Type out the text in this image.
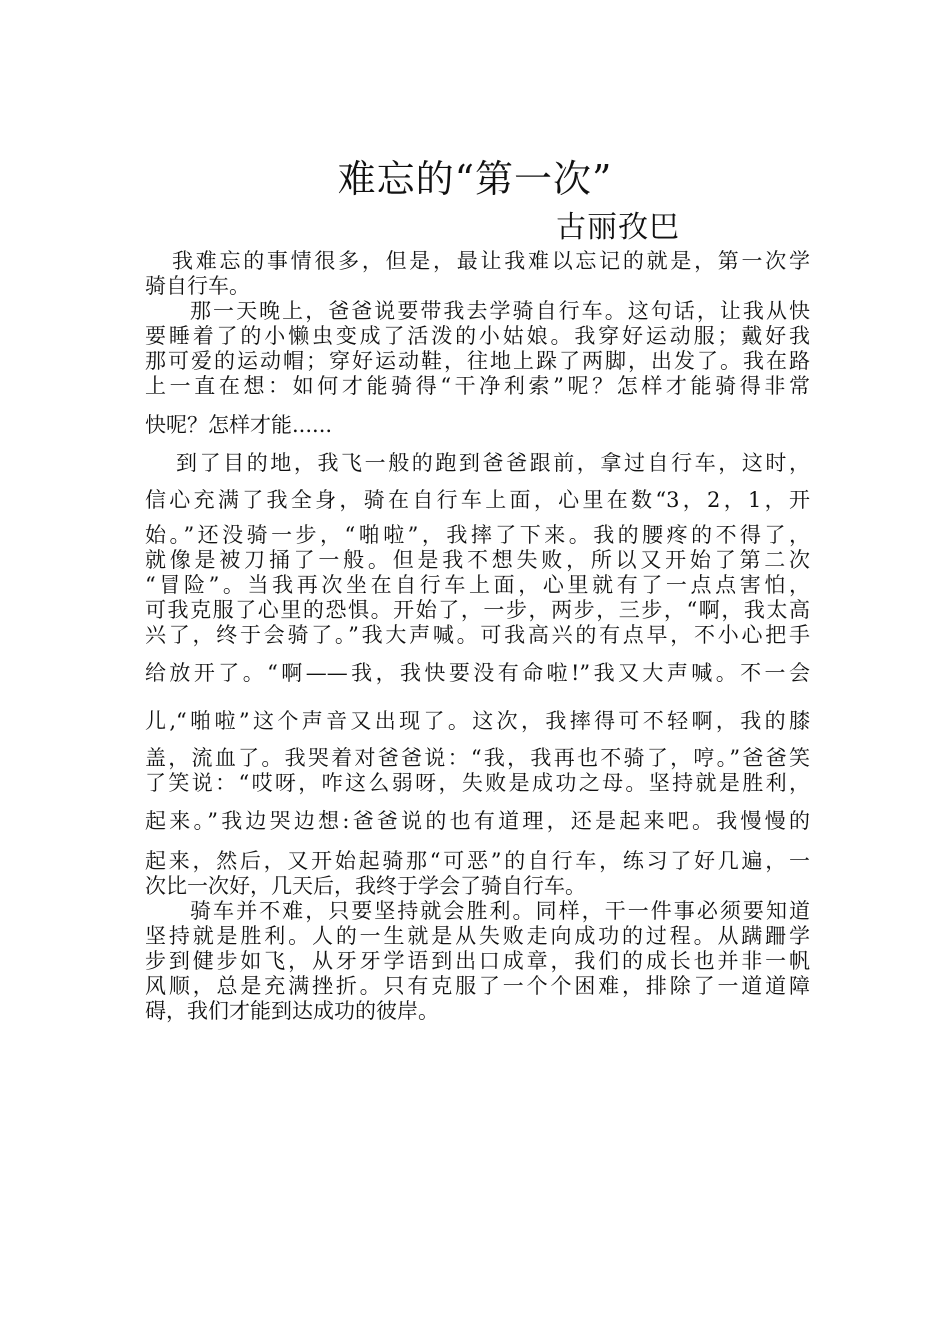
难忘的“第一次”
古丽孜巴
我难忘的事情很多，但是，最让我难以忘记的就是，第一次学
骑自行车。
那一天晚上，爸爸说要带我去学骑自行车。这句话，让我从快
要睡着了的小懒虫变成了活泼的小姑娘。我穿好运动服；戴好我
那可爱的运动帽；穿好运动鞋，往地上跺了两脚，出发了。我在路
上一直在想：如何才能骑得“干净利索”呢？怎样才能骑得非常
快呢？怎样才能......
到了目的地，我飞一般的跑到爸爸跟前，拿过自行车，这时，
信心充满了我全身，骑在自行车上面，心里在数“3，2，1，开
始。”还没骑一步，“啪啦”，我摔了下来。我的腰疼的不得了，
就像是被刀捅了一般。但是我不想失败，所以又开始了第二次
“冒险”。当我再次坐在自行车上面，心里就有了一点点害怕，
可我克服了心里的恐惧。开始了，一步，两步，三步，“啊，我太高
兴了，终于会骑了。”我大声喊。可我高兴的有点早，不小心把手
给放开了。“啊——我，我快要没有命啦!”我又大声喊。不一会
儿,“啪啦”这个声音又出现了。这次，我摔得可不轻啊，我的膝
盖，流血了。我哭着对爸爸说：“我，我再也不骑了，哼。”爸爸笑
了笑说：“哎呀，咋这么弱呀，失败是成功之母。坚持就是胜利，
起来。”我边哭边想:爸爸说的也有道理，还是起来吧。我慢慢的
起来，然后，又开始起骑那“可恶”的自行车，练习了好几遍，一
次比一次好，几天后，我终于学会了骑自行车。
骑车并不难，只要坚持就会胜利。同样，干一件事必须要知道
坚持就是胜利。人的一生就是从失败走向成功的过程。从蹒跚学
步到健步如飞，从牙牙学语到出口成章，我们的成长也并非一帆
风顺，总是充满挫折。只有克服了一个个困难，排除了一道道障
碍，我们才能到达成功的彼岸。
